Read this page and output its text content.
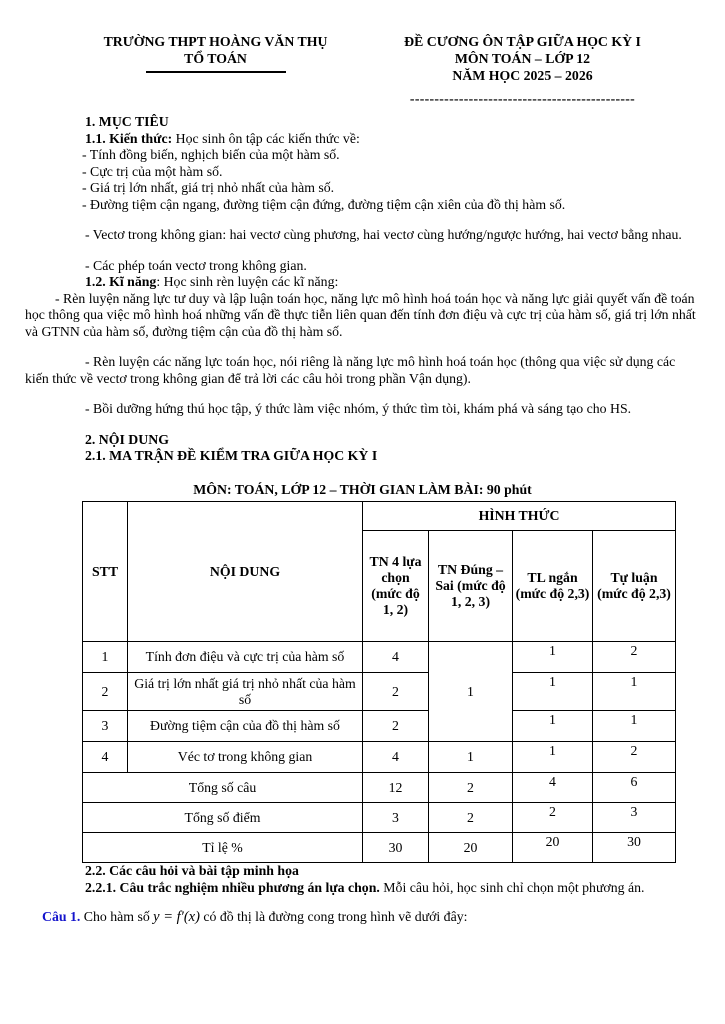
TRƯỜNG THPT HOÀNG VĂN THỤ
TỔ TOÁN
ĐỀ CƯƠNG ÔN TẬP GIỮA HỌC KỲ I
MÔN TOÁN – LỚP 12
NĂM HỌC 2025 – 2026
----------------------------------------------

1. MỤC TIÊU

1.1. Kiến thức: Học sinh ôn tập các kiến thức về:

- Tính đồng biến, nghịch biến của một hàm số.

- Cực trị của một hàm số.

- Giá trị lớn nhất, giá trị nhỏ nhất của hàm số.

- Đường tiệm cận ngang, đường tiệm cận đứng, đường tiệm cận xiên của đồ thị hàm số.

- Vectơ trong không gian: hai vectơ cùng phương, hai vectơ cùng hướng/ngược hướng, hai vectơ bằng nhau.

- Các phép toán vectơ trong không gian.

1.2. Kĩ năng: Học sinh rèn luyện các kĩ năng:

- Rèn luyện năng lực tư duy và lập luận toán học, năng lực mô hình hoá toán học và năng lực giải quyết vấn đề toán học thông qua việc mô hình hoá những vấn đề thực tiễn liên quan đến tính đơn điệu và cực trị của hàm số, giá trị lớn nhất và GTNN của hàm số, đường tiệm cận của đồ thị hàm số.

- Rèn luyện các năng lực toán học, nói riêng là năng lực mô hình hoá toán học (thông qua việc sử dụng các kiến thức về vectơ trong không gian để trả lời các câu hỏi trong phần Vận dụng).

- Bồi dưỡng hứng thú học tập, ý thức làm việc nhóm, ý thức tìm tòi, khám phá và sáng tạo cho HS.

2. NỘI DUNG

2.1. MA TRẬN ĐỀ KIỂM TRA GIỮA HỌC KỲ I

MÔN: TOÁN, LỚP 12 – THỜI GIAN LÀM BÀI: 90 phút

STT	NỘI DUNG	HÌNH THỨC			
		TN 4 lựa chọn (mức độ 1, 2)	TN Đúng – Sai (mức độ 1, 2, 3)	TL ngắn (mức độ 2,3)	Tự luận (mức độ 2,3)
1	Tính đơn điệu và cực trị của hàm số	4	1	1	2
2	Giá trị lớn nhất giá trị nhỏ nhất của hàm số	2		1	1
3	Đường tiệm cận của đồ thị hàm số	2		1	1
4	Véc tơ trong không gian	4	1	1	2
Tổng số câu		12	2	4	6
Tổng số điểm		3	2	2	3
Tỉ lệ %		30	20	20	30

2.2. Các câu hỏi và bài tập minh họa

2.2.1. Câu trắc nghiệm nhiều phương án lựa chọn. Mỗi câu hỏi, học sinh chỉ chọn một phương án.

Câu 1. Cho hàm số y = f′(x) có đồ thị là đường cong trong hình vẽ dưới đây:
